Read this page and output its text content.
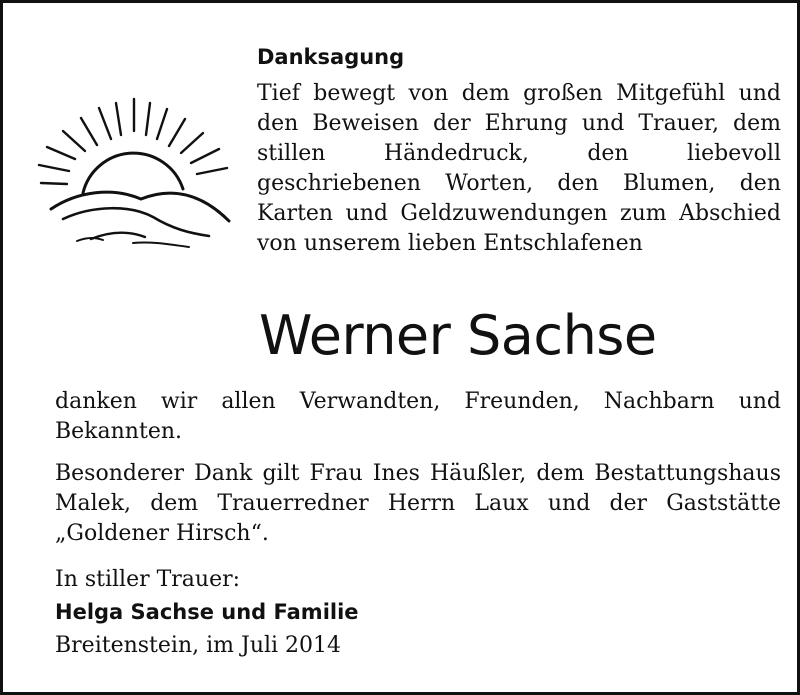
Danksagung

Tief bewegt von dem großen Mitgefühl und den Beweisen der Ehrung und Trauer, dem stillen Händedruck, den liebevoll geschriebenen Worten, den Blumen, den Karten und Geldzuwendungen zum Abschied von unserem lieben Entschlafenen

Werner Sachse

danken wir allen Verwandten, Freunden, Nachbarn und Bekannten.

Besonderer Dank gilt Frau Ines Häußler, dem Bestattungshaus Malek, dem Trauerredner Herrn Laux und der Gaststätte „Goldener Hirsch“.

In stiller Trauer:
Helga Sachse und Familie
Breitenstein, im Juli 2014
